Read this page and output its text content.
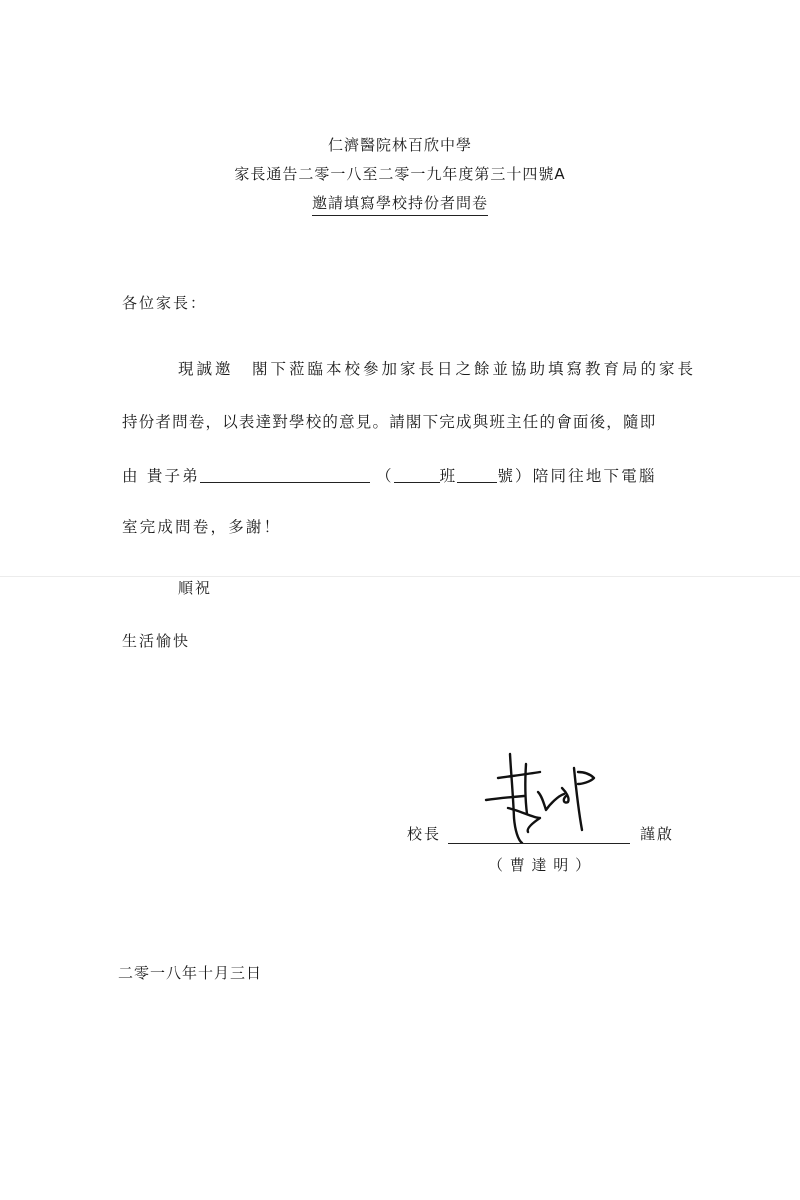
仁濟醫院林百欣中學
家長通告二零一八至二零一九年度第三十四號A
邀請填寫學校持份者問卷
各位家長：
現誠邀　閣下蒞臨本校參加家長日之餘並協助填寫教育局的家長
持份者問卷，以表達對學校的意見。請閣下完成與班主任的會面後，隨即
由 貴子弟	（	班	號）陪同往地下電腦
室完成問卷，多謝！
順祝
生活愉快
校長	謹啟
（ 曹 達 明 ）
二零一八年十月三日
